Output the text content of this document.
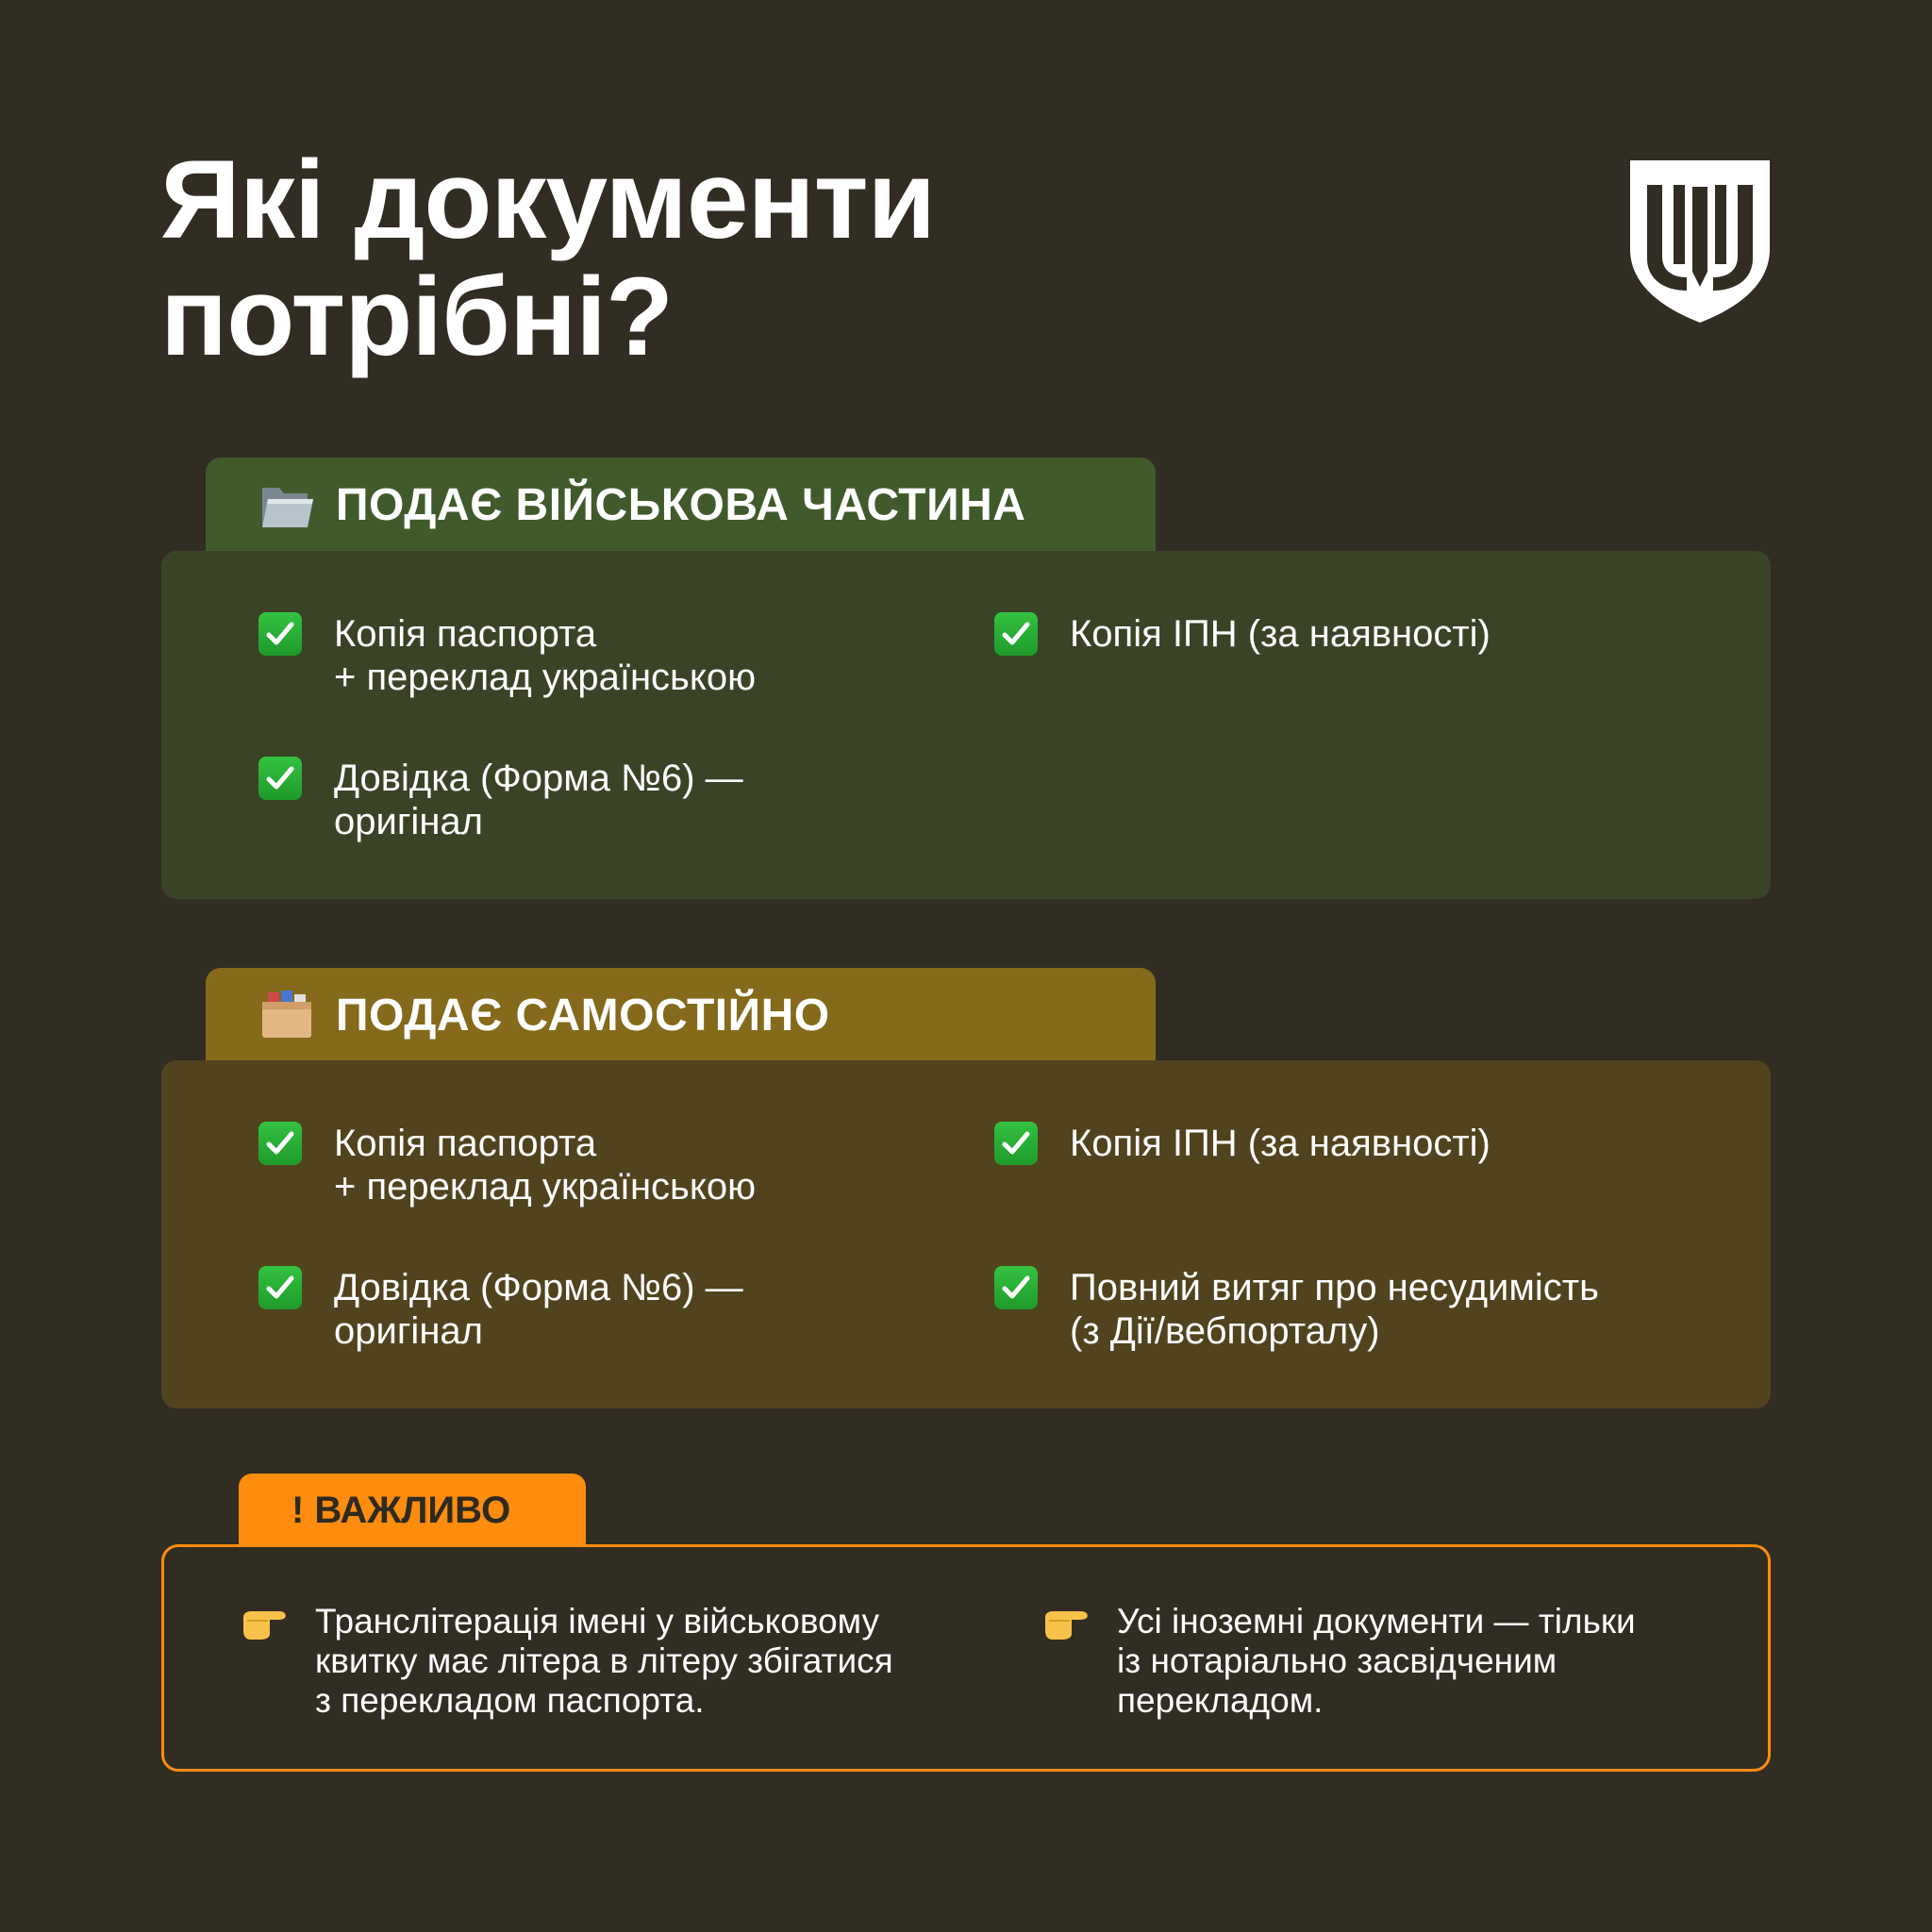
Які документи
потрібні?
ПОДАЄ ВІЙСЬКОВА ЧАСТИНА
Копія паспорта
+ переклад українською
Копія ІПН (за наявності)
Довідка (Форма №6) —
оригінал
ПОДАЄ САМОСТІЙНО
Копія паспорта
+ переклад українською
Копія ІПН (за наявності)
Довідка (Форма №6) —
оригінал
Повний витяг про несудимість
(з Дії/вебпорталу)
! ВАЖЛИВО
Транслітерація імені у військовому
квитку має літера в літеру збігатися
з перекладом паспорта.
Усі іноземні документи — тільки
із нотаріально засвідченим
перекладом.
